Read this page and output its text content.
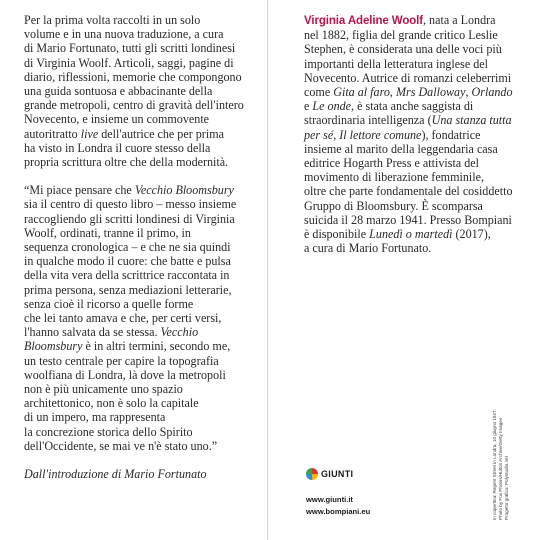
Per la prima volta raccolti in un solo
volume e in una nuova traduzione, a cura
di Mario Fortunato, tutti gli scritti londinesi
di Virginia Woolf. Articoli, saggi, pagine di
diario, riflessioni, memorie che compongono
una guida sontuosa e abbacinante della
grande metropoli, centro di gravità dell'intero
Novecento, e insieme un commovente
autoritratto live dell'autrice che per prima
ha visto in Londra il cuore stesso della
propria scrittura oltre che della modernità.
“Mi piace pensare che Vecchio Bloomsbury
sia il centro di questo libro – messo insieme
raccogliendo gli scritti londinesi di Virginia
Woolf, ordinati, tranne il primo, in
sequenza cronologica – e che ne sia quindi
in qualche modo il cuore: che batte e pulsa
della vita vera della scrittrice raccontata in
prima persona, senza mediazioni letterarie,
senza cioè il ricorso a quelle forme
che lei tanto amava e che, per certi versi,
l'hanno salvata da se stessa. Vecchio
Bloomsbury è in altri termini, secondo me,
un testo centrale per capire la topografia
woolfiana di Londra, là dove la metropoli
non è più unicamente uno spazio
architettonico, non è solo la capitale
di un impero, ma rappresenta
la concrezione storica dello Spirito
dell'Occidente, se mai ve n'è stato uno.”
Dall'introduzione di Mario Fortunato
Virginia Adeline Woolf, nata a Londra
nel 1882, figlia del grande critico Leslie
Stephen, è considerata una delle voci più
importanti della letteratura inglese del
Novecento. Autrice di romanzi celeberrimi
come Gita al faro, Mrs Dalloway, Orlando
e Le onde, è stata anche saggista di
straordinaria intelligenza (Una stanza tutta
per sé, Il lettore comune), fondatrice
insieme al marito della leggendaria casa
editrice Hogarth Press e attivista del
movimento di liberazione femminile,
oltre che parte fondamentale del cosiddetto
Gruppo di Bloomsbury. È scomparsa
suicida il 28 marzo 1941. Presso Bompiani
è disponibile Lunedì o martedì (2017),
a cura di Mario Fortunato.
GIUNTI
www.giunti.it
www.bompiani.eu	In copertina: Regent Street in Londra, 10 giugno 1927. Photo by Fox Photos/Hulton Archive/Getty Images Progetto grafico: Polystudio.net
